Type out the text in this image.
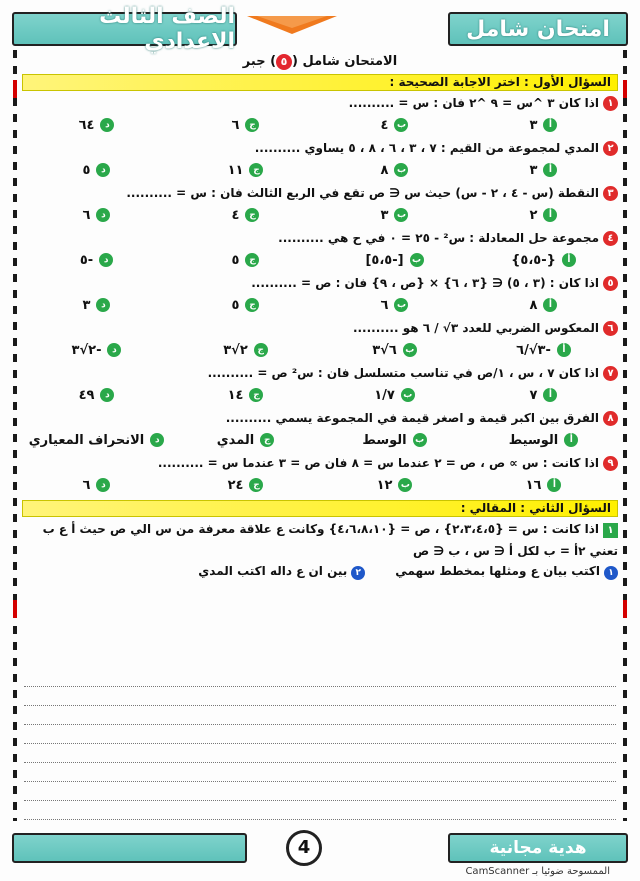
امتحان شامل
الصف الثالث الاعدادي
الامتحان شامل (٥) جبر
السؤال الأول : اختر الاجابة الصحيحة :
١
اذا كان ٣ ^س = ٩ ^٢ فان : س = ..........
أ
٣
ب
٤
ج
٦
د
٦٤
٢
المدي لمجموعة من القيم : ٧ ، ٣ ، ٦ ، ٨ ، ٥ يساوي ..........
أ
٣
ب
٨
ج
١١
د
٥
٣
النقطة (س - ٤ ، ٢ - س) حيث س ∈ ص تقع في الربع الثالث فان : س = ..........
أ
٢
ب
٣
ج
٤
د
٦
٤
مجموعة حل المعادلة : س² - ٢٥ = ٠ في ح هي ..........
أ
{-٥،٥}
ب
[-٥،٥]
ج
٥
د
-٥
٥
اذا كان : (٣ ، ٥) ∈ {٣ ، ٦} × {ص ، ٩} فان : ص = ..........
أ
٨
ب
٦
ج
٥
د
٣
٦
المعكوس الضربي للعدد ٣√ / ٦ هو ..........
أ
-٣√/٦
ب
٦√٣
ج
٢√٣
د
-٢√٣
٧
اذا كان ٧ ، س ، ١/ص في تناسب متسلسل فان : س² ص = ..........
أ
٧
ب
١/٧
ج
١٤
د
٤٩
٨
الفرق بين اكبر قيمة و اصغر قيمة في المجموعة يسمي ..........
أ
الوسيط
ب
الوسط
ج
المدي
د
الانحراف المعياري
٩
اذا كانت : س ∝ ص ، ص = ٢ عندما س = ٨ فان ص = ٣ عندما س = ..........
أ
١٦
ب
١٢
ج
٢٤
د
٦
السؤال الثاني : المقالي :
١اذا كانت : س = {٢،٣،٤،٥} ، ص = {٤،٦،٨،١٠} وكانت ع علاقة معرفة من س الي ص حيث أ ع ب
تعني ٢أ = ب لكل أ ∈ س ، ب ∈ ص
١اكتب بيان ع ومثلها بمخطط سهمي
٢بين ان ع داله اكتب المدي
4	هدية مجانية
الممسوحة ضوئيا بـ CamScanner
